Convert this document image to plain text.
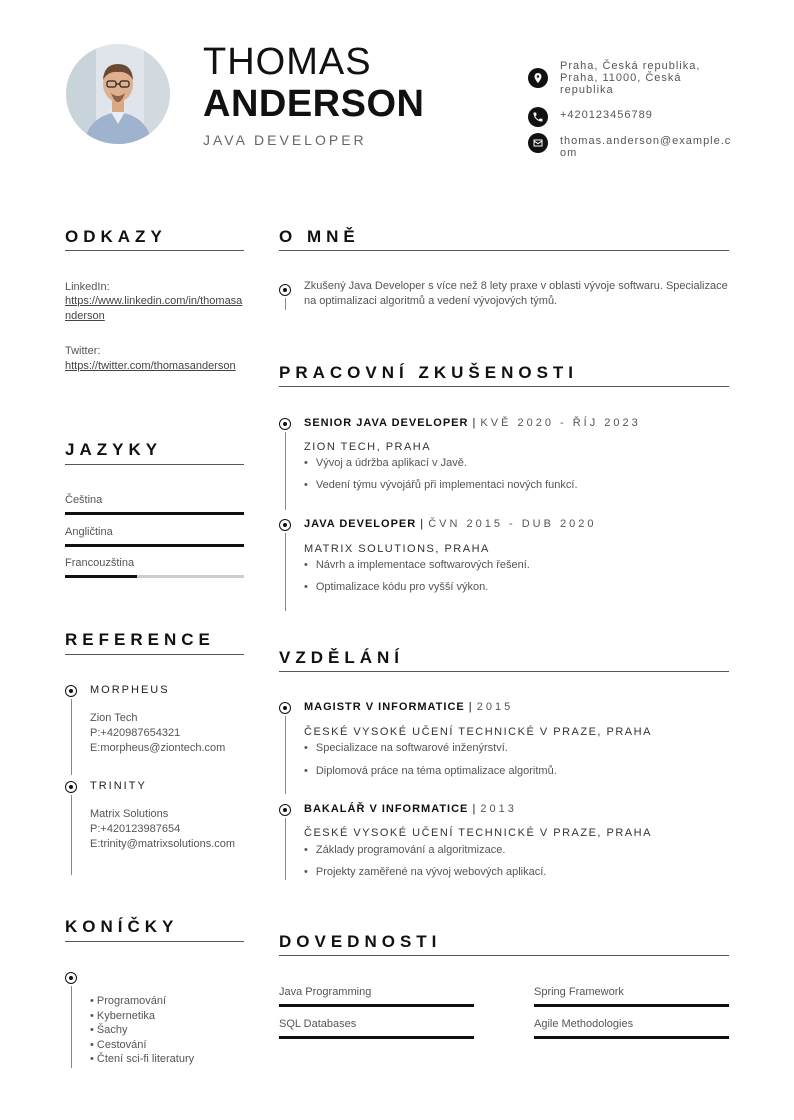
THOMAS
ANDERSON
JAVA DEVELOPER
Praha, Česká republika, Praha, 11000, Česká republika
+420123456789
thomas.anderson@example.com
ODKAZY
LinkedIn:
https://www.linkedin.com/in/thomasanderson
Twitter:
https://twitter.com/thomasanderson
JAZYKY
Čeština
Angličtina
Francouzština
REFERENCE
MORPHEUS
Zion Tech
P:+420987654321
E:morpheus@ziontech.com
TRINITY
Matrix Solutions
P:+420123987654
E:trinity@matrixsolutions.com
KONÍČKY
• Programování
• Kybernetika
• Šachy
• Cestování
• Čtení sci-fi literatury
O MNĚ
Zkušený Java Developer s více než 8 lety praxe v oblasti vývoje softwaru. Specializace na optimalizaci algoritmů a vedení vývojových týmů.
PRACOVNÍ ZKUŠENOSTI
SENIOR JAVA DEVELOPER | KVĚ 2020 - ŘÍJ 2023
ZION TECH, PRAHA
• Vývoj a údržba aplikací v Javě.
• Vedení týmu vývojářů při implementaci nových funkcí.
JAVA DEVELOPER | ČVN 2015 - DUB 2020
MATRIX SOLUTIONS, PRAHA
• Návrh a implementace softwarových řešení.
• Optimalizace kódu pro vyšší výkon.
VZDĚLÁNÍ
MAGISTR V INFORMATICE | 2015
ČESKÉ VYSOKÉ UČENÍ TECHNICKÉ V PRAZE, PRAHA
• Specializace na softwarové inženýrství.
• Diplomová práce na téma optimalizace algoritmů.
BAKALÁŘ V INFORMATICE | 2013
ČESKÉ VYSOKÉ UČENÍ TECHNICKÉ V PRAZE, PRAHA
• Základy programování a algoritmizace.
• Projekty zaměřené na vývoj webových aplikací.
DOVEDNOSTI
Java Programming	Spring Framework
SQL Databases	Agile Methodologies
